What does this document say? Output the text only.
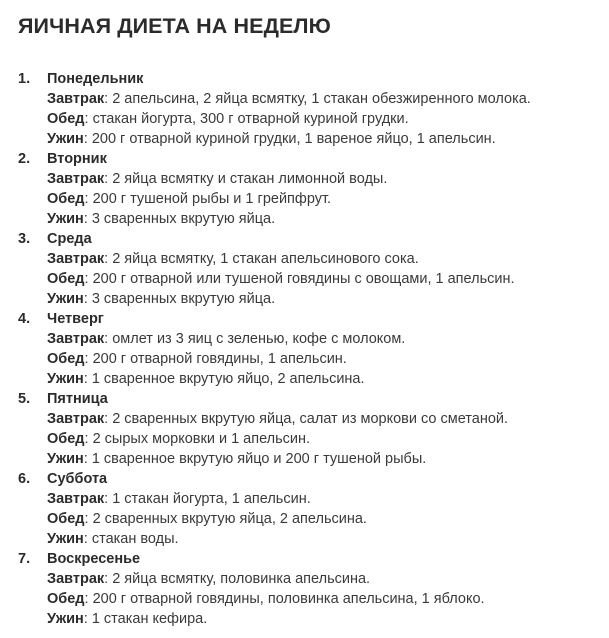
ЯИЧНАЯ ДИЕТА НА НЕДЕЛЮ
1. Понедельник
Завтрак: 2 апельсина, 2 яйца всмятку, 1 стакан обезжиренного молока.
Обед: стакан йогурта, 300 г отварной куриной грудки.
Ужин: 200 г отварной куриной грудки, 1 вареное яйцо, 1 апельсин.
2. Вторник
Завтрак: 2 яйца всмятку и стакан лимонной воды.
Обед: 200 г тушеной рыбы и 1 грейпфрут.
Ужин: 3 сваренных вкрутую яйца.
3. Среда
Завтрак: 2 яйца всмятку, 1 стакан апельсинового сока.
Обед: 200 г отварной или тушеной говядины с овощами, 1 апельсин.
Ужин: 3 сваренных вкрутую яйца.
4. Четверг
Завтрак: омлет из 3 яиц с зеленью, кофе с молоком.
Обед: 200 г отварной говядины, 1 апельсин.
Ужин: 1 сваренное вкрутую яйцо, 2 апельсина.
5. Пятница
Завтрак: 2 сваренных вкрутую яйца, салат из моркови со сметаной.
Обед: 2 сырых морковки и 1 апельсин.
Ужин: 1 сваренное вкрутую яйцо и 200 г тушеной рыбы.
6. Суббота
Завтрак: 1 стакан йогурта, 1 апельсин.
Обед: 2 сваренных вкрутую яйца, 2 апельсина.
Ужин: стакан воды.
7. Воскресенье
Завтрак: 2 яйца всмятку, половинка апельсина.
Обед: 200 г отварной говядины, половинка апельсина, 1 яблоко.
Ужин: 1 стакан кефира.
